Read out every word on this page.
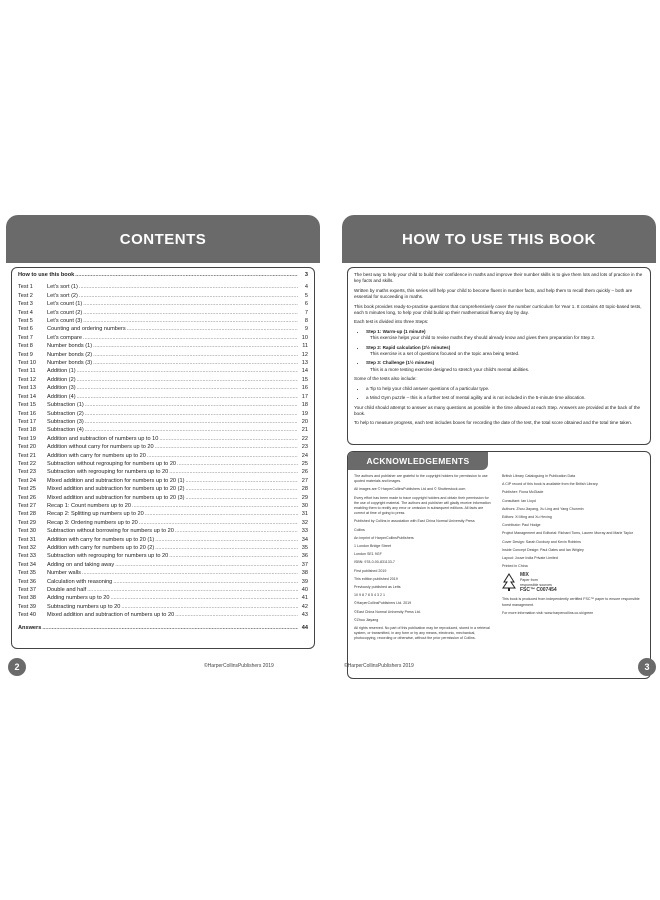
CONTENTS
How to use this book .....	3
Test 1	Let's sort (1) .....	4
Test 2	Let's sort (2) .....	5
Test 3	Let's count (1) .....	6
Test 4	Let's count (2) .....	7
Test 5	Let's count (3) .....	8
Test 6	Counting and ordering numbers .....	9
Test 7	Let's compare .....	10
Test 8	Number bonds (1) .....	11
Test 9	Number bonds (2) .....	12
Test 10	Number bonds (3) .....	13
Test 11	Addition (1) .....	14
Test 12	Addition (2) .....	15
Test 13	Addition (3) .....	16
Test 14	Addition (4) .....	17
Test 15	Subtraction (1) .....	18
Test 16	Subtraction (2) .....	19
Test 17	Subtraction (3) .....	20
Test 18	Subtraction (4) .....	21
Test 19	Addition and subtraction of numbers up to 10 .....	22
Test 20	Addition without carry for numbers up to 20 .....	23
Test 21	Addition with carry for numbers up to 20 .....	24
Test 22	Subtraction without regrouping for numbers up to 20 .....	25
Test 23	Subtraction with regrouping for numbers up to 20 .....	26
Test 24	Mixed addition and subtraction for numbers up to 20 (1) .....	27
Test 25	Mixed addition and subtraction for numbers up to 20 (2) .....	28
Test 26	Mixed addition and subtraction for numbers up to 20 (3) .....	29
Test 27	Recap 1: Count numbers up to 20 .....	30
Test 28	Recap 2: Splitting up numbers up to 20 .....	31
Test 29	Recap 3: Ordering numbers up to 20 .....	32
Test 30	Subtraction without borrowing for numbers up to 20 .....	33
Test 31	Addition with carry for numbers up to 20 (1) .....	34
Test 32	Addition with carry for numbers up to 20 (2) .....	35
Test 33	Subtraction with regrouping for numbers up to 20 .....	36
Test 34	Adding on and taking away .....	37
Test 35	Number walls .....	38
Test 36	Calculation with reasoning .....	39
Test 37	Double and half .....	40
Test 38	Adding numbers up to 20 .....	41
Test 39	Subtracting numbers up to 20 .....	42
Test 40	Mixed addition and subtraction of numbers up to 20 .....	43
Answers .....	44
2	©HarperCollinsPublishers 2019
HOW TO USE THIS BOOK

The best way to help your child to build their confidence in maths and improve their number skills is to give them lots and lots of practice in the key facts and skills.

Written by maths experts, this series will help your child to become fluent in number facts, and help them to recall them quickly – both are essential for succeeding in maths.

This book provides ready-to-practise questions that comprehensively cover the number curriculum for Year 1. It contains 40 topic-based tests, each 5 minutes long, to help your child build up their mathematical fluency day by day.

Each test is divided into three Steps:

• Step 1: Warm-up (1 minute)
This exercise helps your child to revise maths they should already know and gives them preparation for Step 2.
• Step 2: Rapid calculation (2½ minutes)
This exercise is a set of questions focused on the topic area being tested.
• Step 3: Challenge (1½ minutes)
This is a more testing exercise designed to stretch your child's mental abilities.

Some of the tests also include:

• a Tip to help your child answer questions of a particular type.
• a Mind Gym puzzle – this is a further test of mental agility and is not included in the 5-minute time allocation.

Your child should attempt to answer as many questions as possible in the time allowed at each Step. Answers are provided at the back of the book.

To help to measure progress, each test includes boxes for recording the date of the test, the total score obtained and the total time taken.

ACKNOWLEDGEMENTS

The authors and publisher are grateful to the copyright holders for permission to use quoted materials and images.

All images are © HarperCollinsPublishers Ltd and © Shutterstock.com

Every effort has been made to trace copyright holders and obtain their permission for the use of copyright material. The authors and publisher will gladly receive information enabling them to rectify any error or omission in subsequent editions. All facts are correct at time of going to press.

Published by Collins in association with East China Normal University Press

Collins

An imprint of HarperCollinsPublishers

1 London Bridge Street

London SE1 9GF

ISBN: 978-0-00-831133-7

First published 2019

This edition published 2019

Previously published as Letts

10 9 8 7 6 5 4 3 2 1

©HarperCollinsPublishers Ltd. 2019

©East China Normal University Press Ltd.

©Zhou Jiayang

All rights reserved. No part of this publication may be reproduced, stored in a retrieval system, or transmitted, in any form or by any means, electronic, mechanical, photocopying, recording or otherwise, without the prior permission of Collins.

British Library Cataloguing in Publication Data

A CIP record of this book is available from the British Library.

Publisher: Fiona McGlade

Consultant: Ian Lloyd

Authors: Zhou Jiayang, Xu Ling and Yang Chunmin

Editors: Xi Ming and Xu Hexing

Contributor: Paul Hodge

Project Management and Editorial: Richard Toms, Lauren Murray and Marie Taylor

Cover Design: Sarah Duxbury and Kevin Robbins

Inside Concept Design: Paul Oates and Ian Wrigley

Layout: Jouve India Private Limited

Printed in China

MIX
Paper from
responsible sources
FSC™ C007454

This book is produced from independently certified FSC™ paper to ensure responsible forest management.

For more information visit: www.harpercollins.co.uk/green

©HarperCollinsPublishers 2019	3
